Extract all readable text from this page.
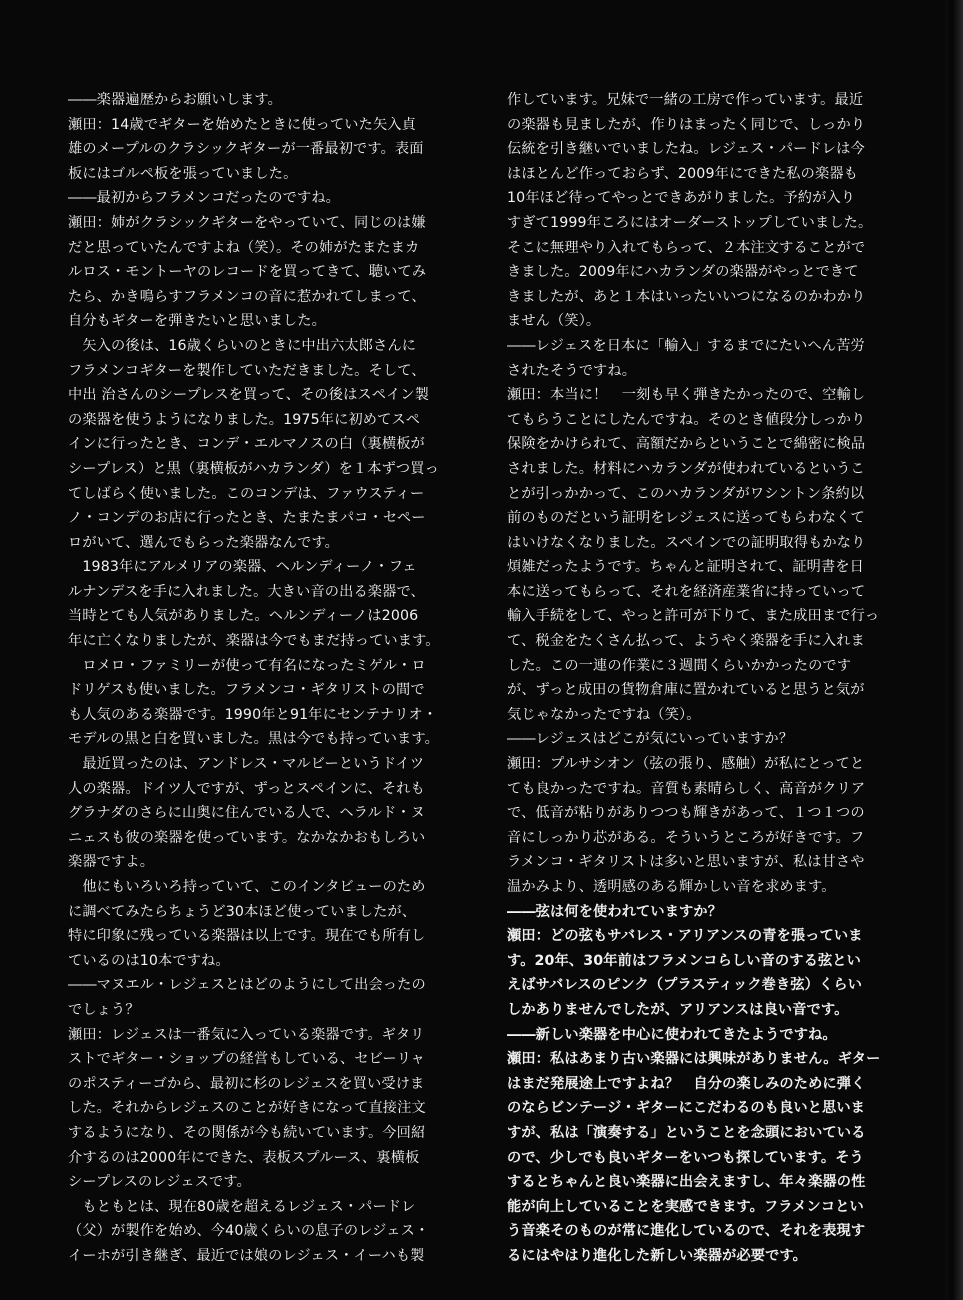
――楽器遍歴からお願いします。
瀬田：14歳でギターを始めたときに使っていた矢入貞
雄のメープルのクラシックギターが一番最初です。表面
板にはゴルペ板を張っていました。
――最初からフラメンコだったのですね。
瀬田：姉がクラシックギターをやっていて、同じのは嫌
だと思っていたんですよね（笑）。その姉がたまたまカ
ルロス・モントーヤのレコードを買ってきて、聴いてみ
たら、かき鳴らすフラメンコの音に惹かれてしまって、
自分もギターを弾きたいと思いました。
　矢入の後は、16歳くらいのときに中出六太郎さんに
フラメンコギターを製作していただきました。そして、
中出 治さんのシープレスを買って、その後はスペイン製
の楽器を使うようになりました。1975年に初めてスペ
インに行ったとき、コンデ・エルマノスの白（裏横板が
シープレス）と黒（裏横板がハカランダ）を１本ずつ買っ
てしばらく使いました。このコンデは、ファウスティー
ノ・コンデのお店に行ったとき、たまたまパコ・セペー
ロがいて、選んでもらった楽器なんです。
　1983年にアルメリアの楽器、ヘルンディーノ・フェ
ルナンデスを手に入れました。大きい音の出る楽器で、
当時とても人気がありました。ヘルンディーノは2006
年に亡くなりましたが、楽器は今でもまだ持っています。
　ロメロ・ファミリーが使って有名になったミゲル・ロ
ドリゲスも使いました。フラメンコ・ギタリストの間で
も人気のある楽器です。1990年と91年にセンテナリオ・
モデルの黒と白を買いました。黒は今でも持っています。
　最近買ったのは、アンドレス・マルビーというドイツ
人の楽器。ドイツ人ですが、ずっとスペインに、それも
グラナダのさらに山奥に住んでいる人で、ヘラルド・ヌ
ニェスも彼の楽器を使っています。なかなかおもしろい
楽器ですよ。
　他にもいろいろ持っていて、このインタビューのため
に調べてみたらちょうど30本ほど使っていましたが、
特に印象に残っている楽器は以上です。現在でも所有し
ているのは10本ですね。
――マヌエル・レジェスとはどのようにして出会ったの
でしょう？
瀬田：レジェスは一番気に入っている楽器です。ギタリ
ストでギター・ショップの経営もしている、セビーリャ
のポスティーゴから、最初に杉のレジェスを買い受けま
した。それからレジェスのことが好きになって直接注文
するようになり、その関係が今も続いています。今回紹
介するのは2000年にできた、表板スプルース、裏横板
シープレスのレジェスです。
　もともとは、現在80歳を超えるレジェス・パードレ
（父）が製作を始め、今40歳くらいの息子のレジェス・
イーホが引き継ぎ、最近では娘のレジェス・イーハも製
作しています。兄妹で一緒の工房で作っています。最近
の楽器も見ましたが、作りはまったく同じで、しっかり
伝統を引き継いでいましたね。レジェス・パードレは今
はほとんど作っておらず、2009年にできた私の楽器も
10年ほど待ってやっとできあがりました。予約が入り
すぎて1999年ころにはオーダーストップしていました。
そこに無理やり入れてもらって、２本注文することがで
きました。2009年にハカランダの楽器がやっとできて
きましたが、あと１本はいったいいつになるのかわかり
ません（笑）。
――レジェスを日本に「輸入」するまでにたいへん苦労
されたそうですね。
瀬田：本当に！　一刻も早く弾きたかったので、空輸し
てもらうことにしたんですね。そのとき値段分しっかり
保険をかけられて、高額だからということで綿密に検品
されました。材料にハカランダが使われているというこ
とが引っかかって、このハカランダがワシントン条約以
前のものだという証明をレジェスに送ってもらわなくて
はいけなくなりました。スペインでの証明取得もかなり
煩雑だったようです。ちゃんと証明されて、証明書を日
本に送ってもらって、それを経済産業省に持っていって
輸入手続をして、やっと許可が下りて、また成田まで行っ
て、税金をたくさん払って、ようやく楽器を手に入れま
した。この一連の作業に３週間くらいかかったのです
が、ずっと成田の貨物倉庫に置かれていると思うと気が
気じゃなかったですね（笑）。
――レジェスはどこが気にいっていますか？
瀬田：プルサシオン（弦の張り、感触）が私にとってと
ても良かったですね。音質も素晴らしく、高音がクリア
で、低音が粘りがありつつも輝きがあって、１つ１つの
音にしっかり芯がある。そういうところが好きです。フ
ラメンコ・ギタリストは多いと思いますが、私は甘さや
温かみより、透明感のある輝かしい音を求めます。
――弦は何を使われていますか？
瀬田：どの弦もサバレス・アリアンスの青を張っていま
す。20年、30年前はフラメンコらしい音のする弦とい
えばサバレスのピンク（プラスティック巻き弦）くらい
しかありませんでしたが、アリアンスは良い音です。
――新しい楽器を中心に使われてきたようですね。
瀬田：私はあまり古い楽器には興味がありません。ギター
はまだ発展途上ですよね？　自分の楽しみのために弾く
のならビンテージ・ギターにこだわるのも良いと思いま
すが、私は「演奏する」ということを念頭においている
ので、少しでも良いギターをいつも探しています。そう
するとちゃんと良い楽器に出会えますし、年々楽器の性
能が向上していることを実感できます。フラメンコとい
う音楽そのものが常に進化しているので、それを表現す
るにはやはり進化した新しい楽器が必要です。
